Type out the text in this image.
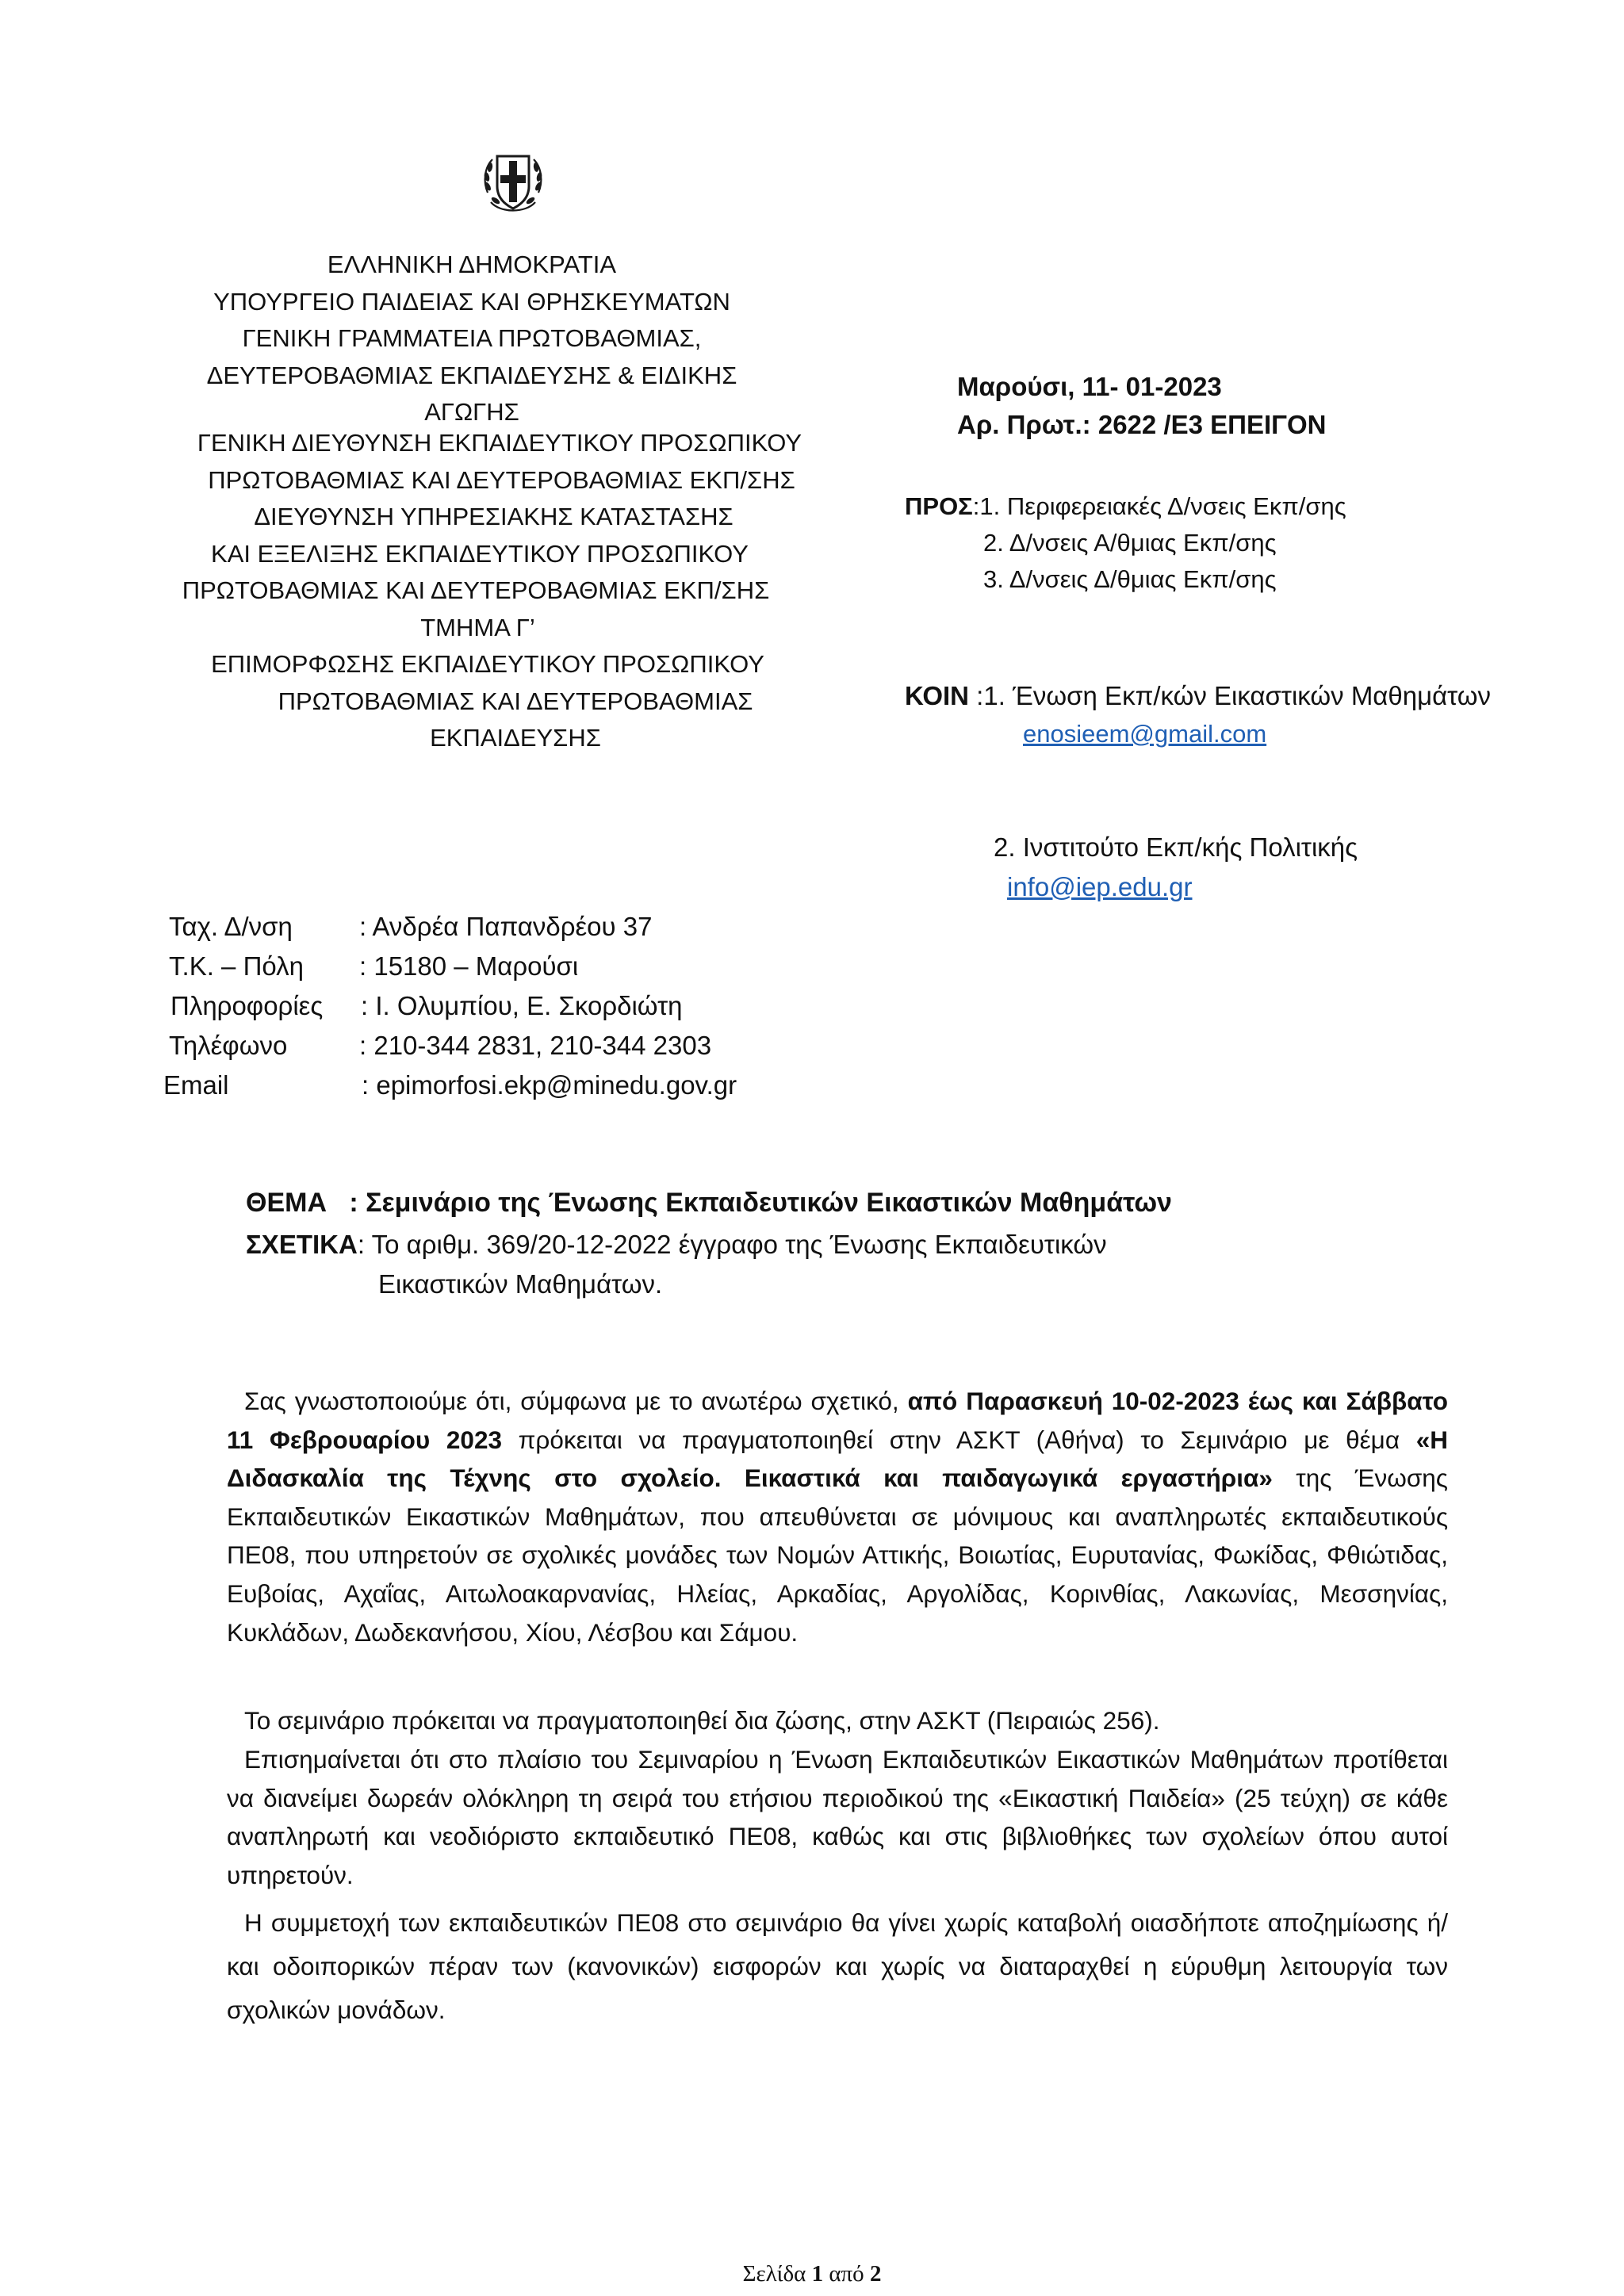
ΕΛΛΗΝΙΚΗ ΔΗΜΟΚΡΑΤΙΑ
ΥΠΟΥΡΓΕΙΟ ΠΑΙΔΕΙΑΣ ΚΑΙ ΘΡΗΣΚΕΥΜΑΤΩΝ
ΓΕΝΙΚΗ ΓΡΑΜΜΑΤΕΙΑ ΠΡΩΤΟΒΑΘΜΙΑΣ,
ΔΕΥΤΕΡΟΒΑΘΜΙΑΣ ΕΚΠΑΙΔΕΥΣΗΣ & ΕΙΔΙΚΗΣ ΑΓΩΓΗΣ
ΓΕΝΙΚΗ ΔΙΕΥΘΥΝΣΗ ΕΚΠΑΙΔΕΥΤΙΚΟΥ ΠΡΟΣΩΠΙΚΟΥ
ΠΡΩΤΟΒΑΘΜΙΑΣ ΚΑΙ ΔΕΥΤΕΡΟΒΑΘΜΙΑΣ ΕΚΠ/ΣΗΣ
ΔΙΕΥΘΥΝΣΗ ΥΠΗΡΕΣΙΑΚΗΣ ΚΑΤΑΣΤΑΣΗΣ
ΚΑΙ ΕΞΕΛΙΞΗΣ ΕΚΠΑΙΔΕΥΤΙΚΟΥ ΠΡΟΣΩΠΙΚΟΥ
ΠΡΩΤΟΒΑΘΜΙΑΣ ΚΑΙ ΔΕΥΤΕΡΟΒΑΘΜΙΑΣ ΕΚΠ/ΣΗΣ
ΤΜΗΜΑ Γ’
ΕΠΙΜΟΡΦΩΣΗΣ ΕΚΠΑΙΔΕΥΤΙΚΟΥ ΠΡΟΣΩΠΙΚΟΥ
ΠΡΩΤΟΒΑΘΜΙΑΣ ΚΑΙ ΔΕΥΤΕΡΟΒΑΘΜΙΑΣ ΕΚΠΑΙΔΕΥΣΗΣ
Μαρούσι, 11- 01-2023
Αρ. Πρωτ.: 2622 /Ε3 ΕΠΕΙΓΟΝ
ΠΡΟΣ:1. Περιφερειακές Δ/νσεις Εκπ/σης
2. Δ/νσεις Α/θμιας Εκπ/σης
3. Δ/νσεις Δ/θμιας Εκπ/σης
ΚΟΙΝ :1. Ένωση Εκπ/κών Εικαστικών Μαθημάτων
enosieem@gmail.com
2. Ινστιτούτο Εκπ/κής Πολιτικής
info@iep.edu.gr
Ταχ. Δ/νση	: Ανδρέα Παπανδρέου 37
Τ.Κ. – Πόλη : 15180 – Μαρούσι
Πληροφορίες : Ι. Ολυμπίου, Ε. Σκορδιώτη
Τηλέφωνο	: 210-344 2831, 210-344 2303
Email	: epimorfosi.ekp@minedu.gov.gr
ΘΕΜΑ   : Σεμινάριο της Ένωσης Εκπαιδευτικών Εικαστικών Μαθημάτων
ΣΧΕΤΙΚΑ: Το αριθμ. 369/20-12-2022 έγγραφο της Ένωσης Εκπαιδευτικών
Εικαστικών Μαθημάτων.
Σας γνωστοποιούμε ότι, σύμφωνα με το ανωτέρω σχετικό, από Παρασκευή 10-02-2023 έως και Σάββατο 11 Φεβρουαρίου 2023 πρόκειται να πραγματοποιηθεί στην ΑΣΚΤ (Αθήνα) το Σεμινάριο με θέμα «Η Διδασκαλία της Τέχνης στο σχολείο. Εικαστικά και παιδαγωγικά εργαστήρια» της Ένωσης Εκπαιδευτικών Εικαστικών Μαθημάτων, που απευθύνεται σε μόνιμους και αναπληρωτές εκπαιδευτικούς ΠΕ08, που υπηρετούν σε σχολικές μονάδες των Νομών Αττικής, Βοιωτίας, Ευρυτανίας, Φωκίδας, Φθιώτιδας, Ευβοίας, Αχαΐας, Αιτωλοακαρνανίας, Ηλείας, Αρκαδίας, Αργολίδας, Κορινθίας, Λακωνίας, Μεσσηνίας, Κυκλάδων, Δωδεκανήσου, Χίου, Λέσβου και Σάμου.
Το σεμινάριο πρόκειται να πραγματοποιηθεί δια ζώσης, στην ΑΣΚΤ (Πειραιώς 256).
Επισημαίνεται ότι στο πλαίσιο του Σεμιναρίου η Ένωση Εκπαιδευτικών Εικαστικών Μαθημάτων προτίθεται να διανείμει δωρεάν ολόκληρη τη σειρά του ετήσιου περιοδικού της «Εικαστική Παιδεία» (25 τεύχη) σε κάθε αναπληρωτή και νεοδιόριστο εκπαιδευτικό ΠΕ08, καθώς και στις βιβλιοθήκες των σχολείων όπου αυτοί υπηρετούν.
Η συμμετοχή των εκπαιδευτικών ΠΕ08 στο σεμινάριο θα γίνει χωρίς καταβολή οιασδήποτε αποζημίωσης ή/και οδοιπορικών πέραν των (κανονικών) εισφορών και χωρίς να διαταραχθεί η εύρυθμη λειτουργία των σχολικών μονάδων.
Σελίδα 1 από 2
